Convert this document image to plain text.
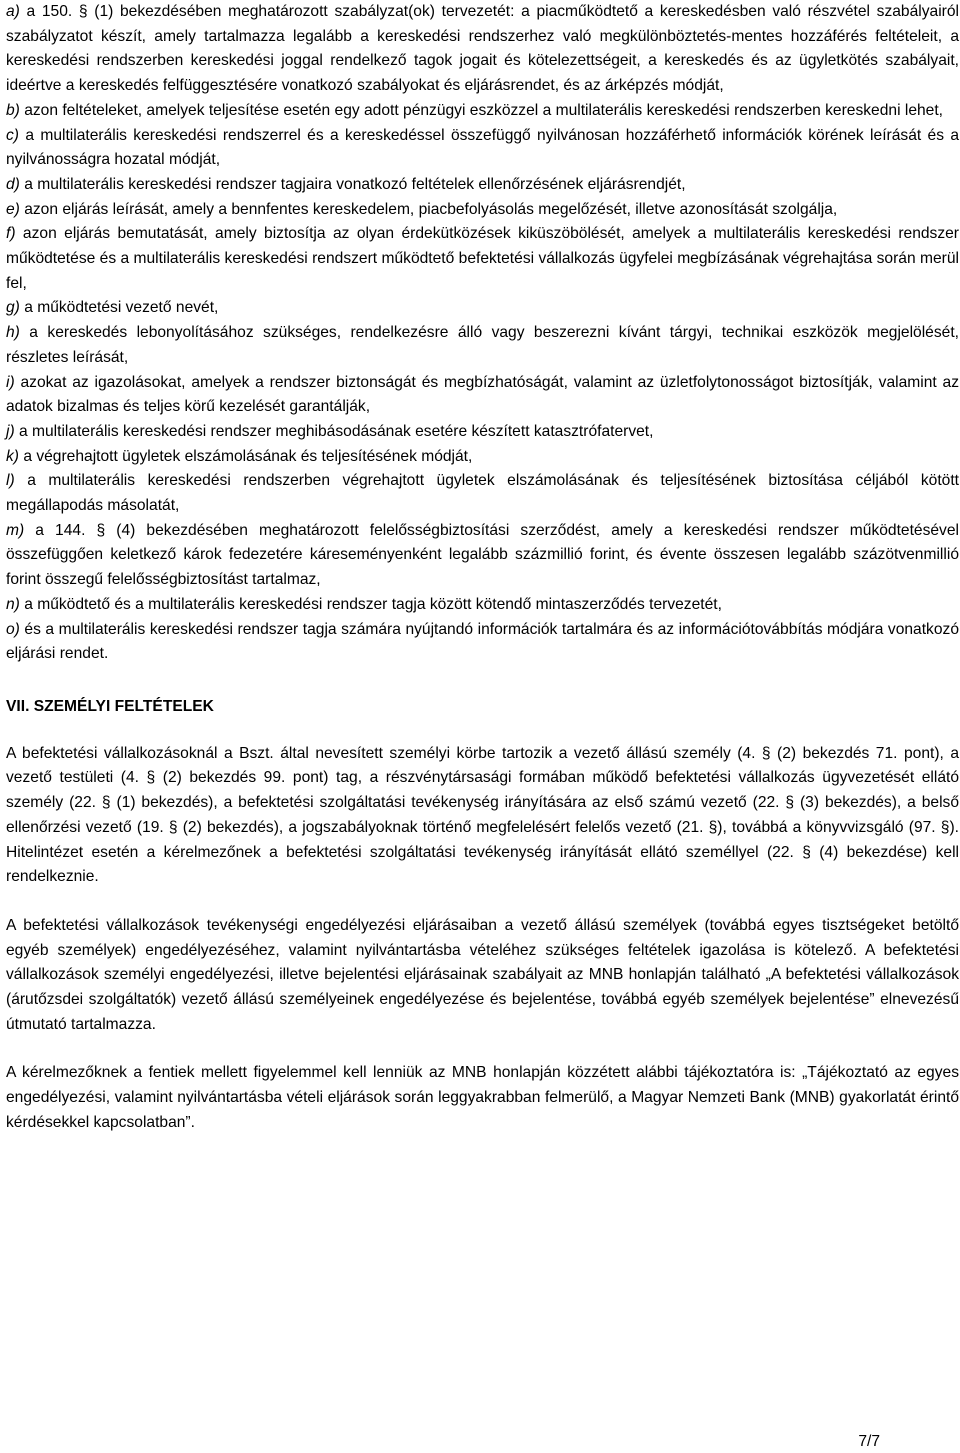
a) a 150. § (1) bekezdésében meghatározott szabályzat(ok) tervezetét: a piacműködtető a kereskedésben való részvétel szabályairól szabályzatot készít, amely tartalmazza legalább a kereskedési rendszerhez való megkülönböztetés-mentes hozzáférés feltételeit, a kereskedési rendszerben kereskedési joggal rendelkező tagok jogait és kötelezettségeit, a kereskedés és az ügyletkötés szabályait, ideértve a kereskedés felfüggesztésére vonatkozó szabályokat és eljárásrendet, és az árképzés módját,

b) azon feltételeket, amelyek teljesítése esetén egy adott pénzügyi eszközzel a multilaterális kereskedési rendszerben kereskedni lehet,

c) a multilaterális kereskedési rendszerrel és a kereskedéssel összefüggő nyilvánosan hozzáférhető információk körének leírását és a nyilvánosságra hozatal módját,

d) a multilaterális kereskedési rendszer tagjaira vonatkozó feltételek ellenőrzésének eljárásrendjét,

e) azon eljárás leírását, amely a bennfentes kereskedelem, piacbefolyásolás megelőzését, illetve azonosítását szolgálja,

f) azon eljárás bemutatását, amely biztosítja az olyan érdekütközések kiküszöbölését, amelyek a multilaterális kereskedési rendszer működtetése és a multilaterális kereskedési rendszert működtető befektetési vállalkozás ügyfelei megbízásának végrehajtása során merül fel,

g) a működtetési vezető nevét,

h) a kereskedés lebonyolításához szükséges, rendelkezésre álló vagy beszerezni kívánt tárgyi, technikai eszközök megjelölését, részletes leírását,

i) azokat az igazolásokat, amelyek a rendszer biztonságát és megbízhatóságát, valamint az üzletfolytonosságot biztosítják, valamint az adatok bizalmas és teljes körű kezelését garantálják,

j) a multilaterális kereskedési rendszer meghibásodásának esetére készített katasztrófatervet,

k) a végrehajtott ügyletek elszámolásának és teljesítésének módját,

l) a multilaterális kereskedési rendszerben végrehajtott ügyletek elszámolásának és teljesítésének biztosítása céljából kötött megállapodás másolatát,

m) a 144. § (4) bekezdésében meghatározott felelősségbiztosítási szerződést, amely a kereskedési rendszer működtetésével összefüggően keletkező károk fedezetére káreseményenként legalább százmillió forint, és évente összesen legalább százötvenmillió forint összegű felelősségbiztosítást tartalmaz,

n) a működtető és a multilaterális kereskedési rendszer tagja között kötendő mintaszerződés tervezetét,

o) és a multilaterális kereskedési rendszer tagja számára nyújtandó információk tartalmára és az információtovábbítás módjára vonatkozó eljárási rendet.

VII. SZEMÉLYI FELTÉTELEK

A befektetési vállalkozásoknál a Bszt. által nevesített személyi körbe tartozik a vezető állású személy (4. § (2) bekezdés 71. pont), a vezető testületi (4. § (2) bekezdés 99. pont) tag, a részvénytársasági formában működő befektetési vállalkozás ügyvezetését ellátó személy (22. § (1) bekezdés), a befektetési szolgáltatási tevékenység irányítására az első számú vezető (22. § (3) bekezdés), a belső ellenőrzési vezető (19. § (2) bekezdés), a jogszabályoknak történő megfelelésért felelős vezető (21. §), továbbá a könyvvizsgáló (97. §). Hitelintézet esetén a kérelmezőnek a befektetési szolgáltatási tevékenység irányítását ellátó személlyel (22. § (4) bekezdése) kell rendelkeznie.

A befektetési vállalkozások tevékenységi engedélyezési eljárásaiban a vezető állású személyek (továbbá egyes tisztségeket betöltő egyéb személyek) engedélyezéséhez, valamint nyilvántartásba vételéhez szükséges feltételek igazolása is kötelező. A befektetési vállalkozások személyi engedélyezési, illetve bejelentési eljárásainak szabályait az MNB honlapján található „A befektetési vállalkozások (árutőzsdei szolgáltatók) vezető állású személyeinek engedélyezése és bejelentése, továbbá egyéb személyek bejelentése” elnevezésű útmutató tartalmazza.

A kérelmezőknek a fentiek mellett figyelemmel kell lenniük az MNB honlapján közzétett alábbi tájékoztatóra is: „Tájékoztató az egyes engedélyezési, valamint nyilvántartásba vételi eljárások során leggyakrabban felmerülő, a Magyar Nemzeti Bank (MNB) gyakorlatát érintő kérdésekkel kapcsolatban”.

7/7
